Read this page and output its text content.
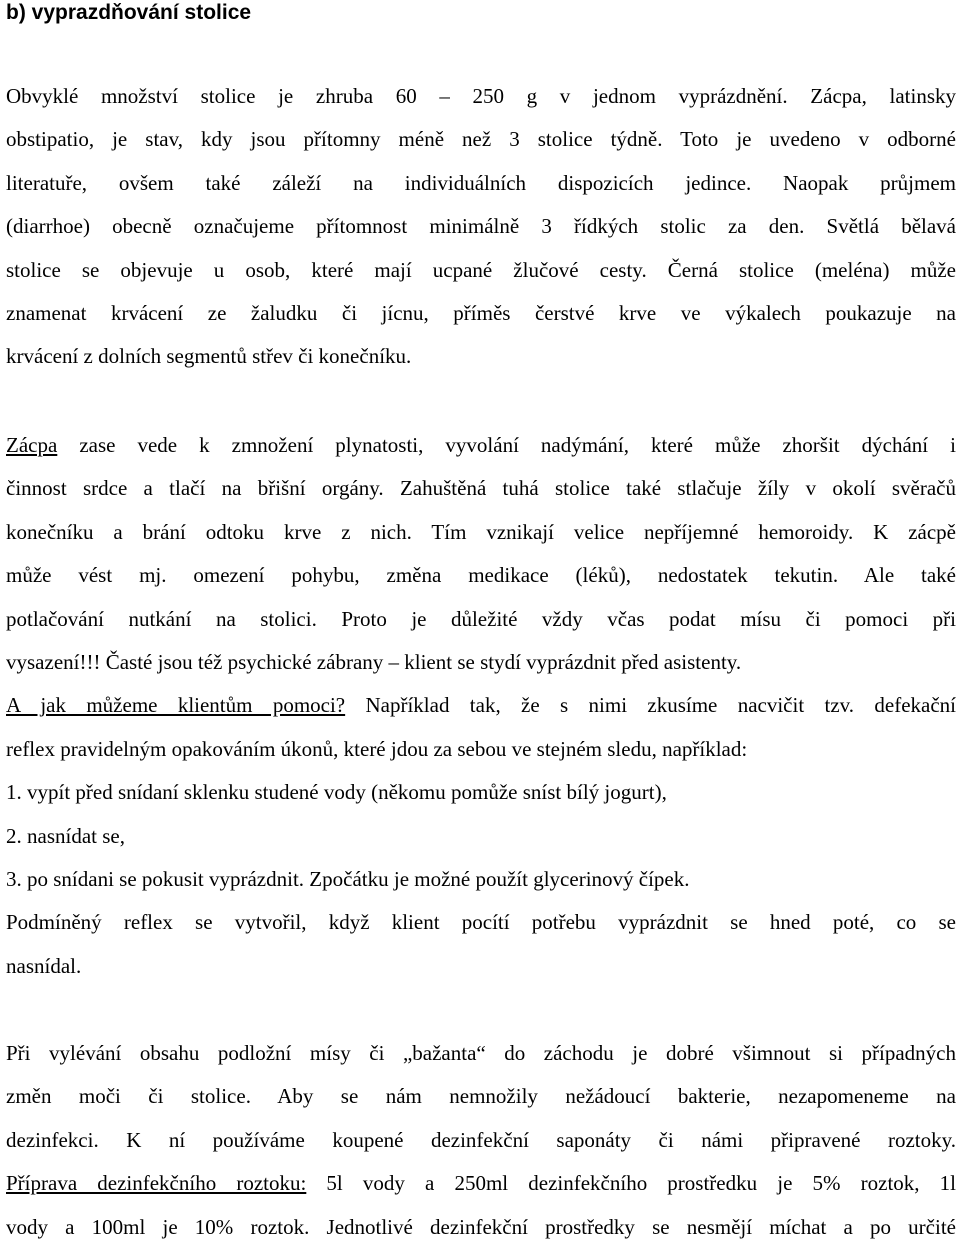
b) vyprazdňování stolice
Obvyklé množství stolice je zhruba 60 – 250 g v jednom vyprázdnění. Zácpa, latinsky
obstipatio, je stav, kdy jsou přítomny méně než 3 stolice týdně. Toto je uvedeno v odborné
literatuře, ovšem také záleží na individuálních dispozicích jedince. Naopak průjmem
(diarrhoe) obecně označujeme přítomnost minimálně 3 řídkých stolic za den. Světlá bělavá
stolice se objevuje u osob, které mají ucpané žlučové cesty. Černá stolice (meléna) může
znamenat krvácení ze žaludku či jícnu, příměs čerstvé krve ve výkalech poukazuje na
krvácení z dolních segmentů střev či konečníku.
Zácpa zase vede k zmnožení plynatosti, vyvolání nadýmání, které může zhoršit dýchání i
činnost srdce a tlačí na břišní orgány. Zahuštěná tuhá stolice také stlačuje žíly v okolí svěračů
konečníku a brání odtoku krve z nich. Tím vznikají velice nepříjemné hemoroidy. K zácpě
může vést mj. omezení pohybu, změna medikace (léků), nedostatek tekutin. Ale také
potlačování nutkání na stolici. Proto je důležité vždy včas podat mísu či pomoci při
vysazení!!! Časté jsou též psychické zábrany – klient se stydí vyprázdnit před asistenty.
A jak můžeme klientům pomoci? Například tak, že s nimi zkusíme nacvičit tzv. defekační
reflex pravidelným opakováním úkonů, které jdou za sebou ve stejném sledu, například:
1. vypít před snídaní sklenku studené vody (někomu pomůže sníst bílý jogurt),
2. nasnídat se,
3. po snídani se pokusit vyprázdnit. Zpočátku je možné použít glycerinový čípek.
Podmíněný reflex se vytvořil, když klient pocítí potřebu vyprázdnit se hned poté, co se
nasnídal.
Při vylévání obsahu podložní mísy či „bažanta“ do záchodu je dobré všimnout si případných
změn moči či stolice. Aby se nám nemnožily nežádoucí bakterie, nezapomeneme na
dezinfekci. K ní používáme koupené dezinfekční saponáty či námi připravené roztoky.
Příprava dezinfekčního roztoku: 5l vody a 250ml dezinfekčního prostředku je 5% roztok, 1l
vody a 100ml je 10% roztok. Jednotlivé dezinfekční prostředky se nesmějí míchat a po určité
